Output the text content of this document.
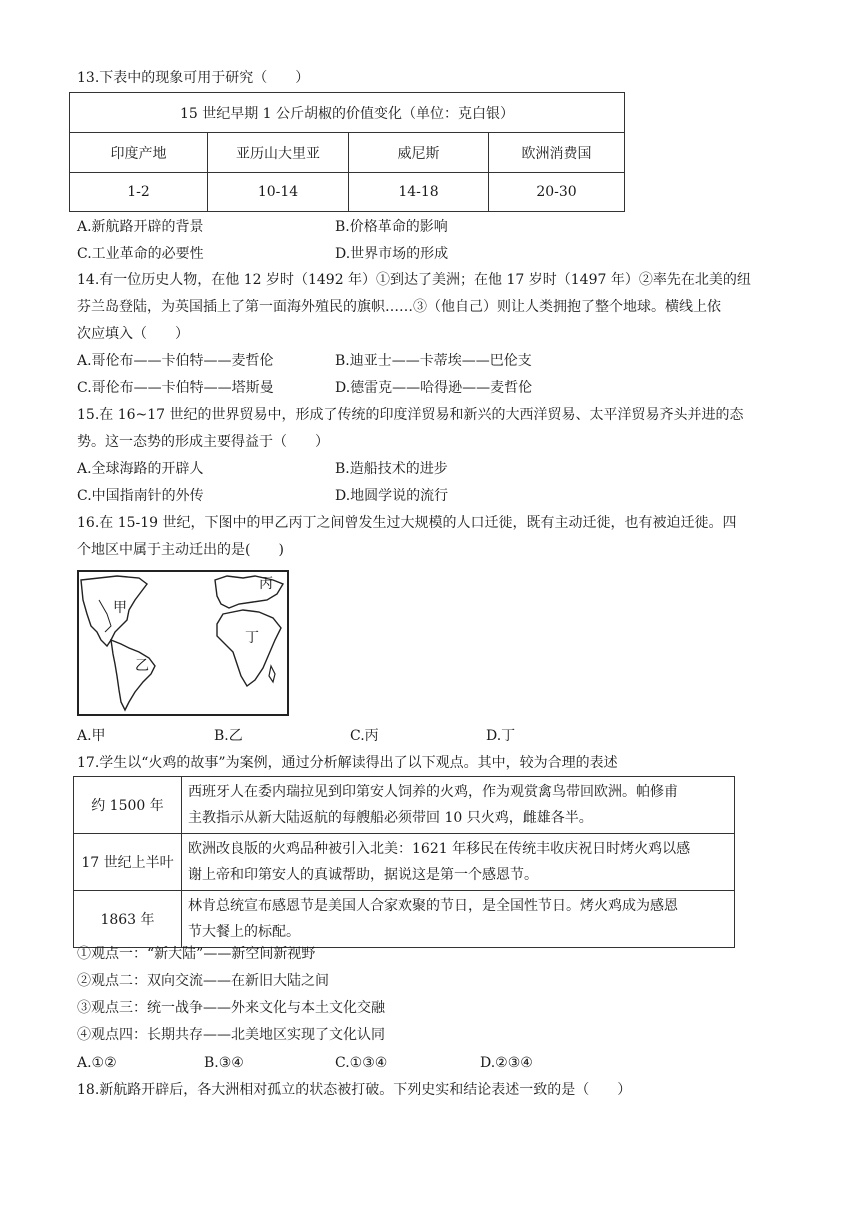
13.下表中的现象可用于研究（　　）
15 世纪早期 1 公斤胡椒的价值变化（单位：克白银）			
印度产地	亚历山大里亚	威尼斯	欧洲消费国
1-2	10-14	14-18	20-30
A.新航路开辟的背景	B.价格革命的影响
C.工业革命的必要性	D.世界市场的形成
14.有一位历史人物，在他 12 岁时（1492 年）①到达了美洲；在他 17 岁时（1497 年）②率先在北美的纽
芬兰岛登陆，为英国插上了第一面海外殖民的旗帜……③（他自己）则让人类拥抱了整个地球。横线上依
次应填入（　　）
A.哥伦布——卡伯特——麦哲伦	B.迪亚士——卡蒂埃——巴伦支
C.哥伦布——卡伯特——塔斯曼	D.德雷克——哈得逊——麦哲伦
15.在 16~17 世纪的世界贸易中，形成了传统的印度洋贸易和新兴的大西洋贸易、太平洋贸易齐头并进的态
势。这一态势的形成主要得益于（　　）
A.全球海路的开辟人	B.造船技术的进步
C.中国指南针的外传	D.地圆学说的流行
16.在 15-19 世纪，下图中的甲乙丙丁之间曾发生过大规模的人口迁徙，既有主动迁徙，也有被迫迁徙。四
个地区中属于主动迁出的是(　　)
甲
乙
丙
丁
A.甲	B.乙	C.丙	D.丁
17.学生以“火鸡的故事”为案例，通过分析解读得出了以下观点。其中，较为合理的表述
约 1500 年	西班牙人在委内瑞拉见到印第安人饲养的火鸡，作为观赏禽鸟带回欧洲。帕修甫
主教指示从新大陆返航的每艘船必须带回 10 只火鸡，雌雄各半。

17 世纪上半叶	欧洲改良版的火鸡品种被引入北美：1621 年移民在传统丰收庆祝日时烤火鸡以感
谢上帝和印第安人的真诚帮助，据说这是第一个感恩节。

1863 年	林肯总统宣布感恩节是美国人合家欢聚的节日，是全国性节日。烤火鸡成为感恩
节大餐上的标配。
①观点一：“新大陆”——新空间新视野
②观点二：双向交流——在新旧大陆之间
③观点三：统一战争——外来文化与本土文化交融
④观点四：长期共存——北美地区实现了文化认同
A.①②	B.③④	C.①③④	D.②③④
18.新航路开辟后，各大洲相对孤立的状态被打破。下列史实和结论表述一致的是（　　）
